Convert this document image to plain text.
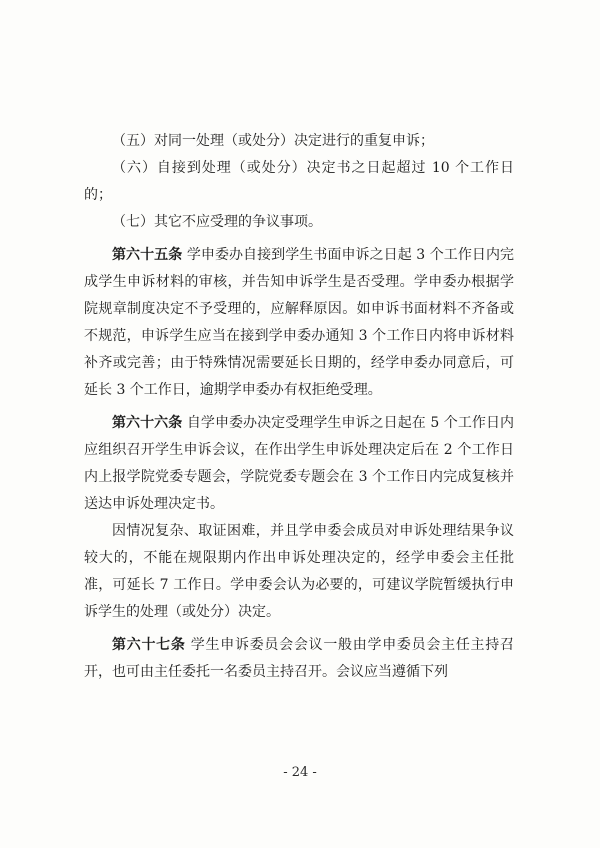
（五）对同一处理（或处分）决定进行的重复申诉；

（六）自接到处理（或处分）决定书之日起超过 10 个工作日的；

（七）其它不应受理的争议事项。

第六十五条 学申委办自接到学生书面申诉之日起 3 个工作日内完成学生申诉材料的审核，并告知申诉学生是否受理。学申委办根据学院规章制度决定不予受理的，应解释原因。如申诉书面材料不齐备或不规范，申诉学生应当在接到学申委办通知 3 个工作日内将申诉材料补齐或完善；由于特殊情况需要延长日期的，经学申委办同意后，可延长 3 个工作日，逾期学申委办有权拒绝受理。

第六十六条 自学申委办决定受理学生申诉之日起在 5 个工作日内应组织召开学生申诉会议，在作出学生申诉处理决定后在 2 个工作日内上报学院党委专题会，学院党委专题会在 3 个工作日内完成复核并送达申诉处理决定书。

因情况复杂、取证困难，并且学申委会成员对申诉处理结果争议较大的，不能在规限期内作出申诉处理决定的，经学申委会主任批准，可延长 7 工作日。学申委会认为必要的，可建议学院暂缓执行申诉学生的处理（或处分）决定。

第六十七条 学生申诉委员会会议一般由学申委员会主任主持召开，也可由主任委托一名委员主持召开。会议应当遵循下列

- 24 -
